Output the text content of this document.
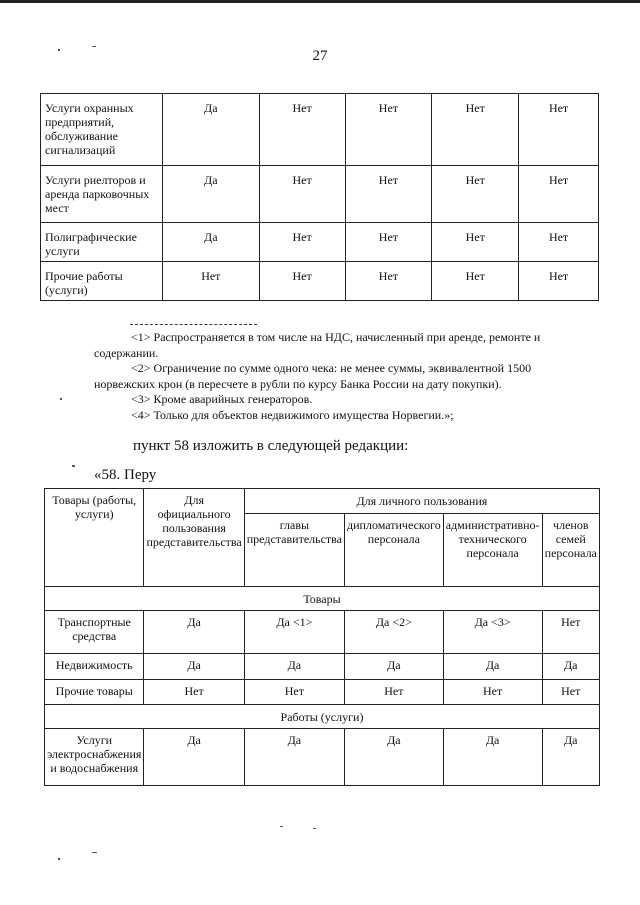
27
Услуги охранных предприятий, обслуживание сигнализаций	Да	Нет	Нет	Нет	Нет
Услуги риелторов и аренда парковочных мест	Да	Нет	Нет	Нет	Нет
Полиграфические услуги	Да	Нет	Нет	Нет	Нет
Прочие работы (услуги)	Нет	Нет	Нет	Нет	Нет

<1> Распространяется в том числе на НДС, начисленный при аренде, ремонте и

содержании.

<2> Ограничение по сумме одного чека: не менее суммы, эквивалентной 1500

норвежских крон (в пересчете в рубли по курсу Банка России на дату покупки).

<3> Кроме аварийных генераторов.

<4> Только для объектов недвижимого имущества Норвегии.»;

пункт 58 изложить в следующей редакции:
«58. Перу
Товары (работы, услуги)	Для официального пользования представительства	Для личного пользования			
		главы представительства	дипломатического персонала	административно-технического персонала	членов семей персонала
Товары					
Транспортные средства	Да	Да <1>	Да <2>	Да <3>	Нет
Недвижимость	Да	Да	Да	Да	Да
Прочие товары	Нет	Нет	Нет	Нет	Нет
Работы (услуги)					
Услуги электроснабжения и водоснабжения	Да	Да	Да	Да	Да
